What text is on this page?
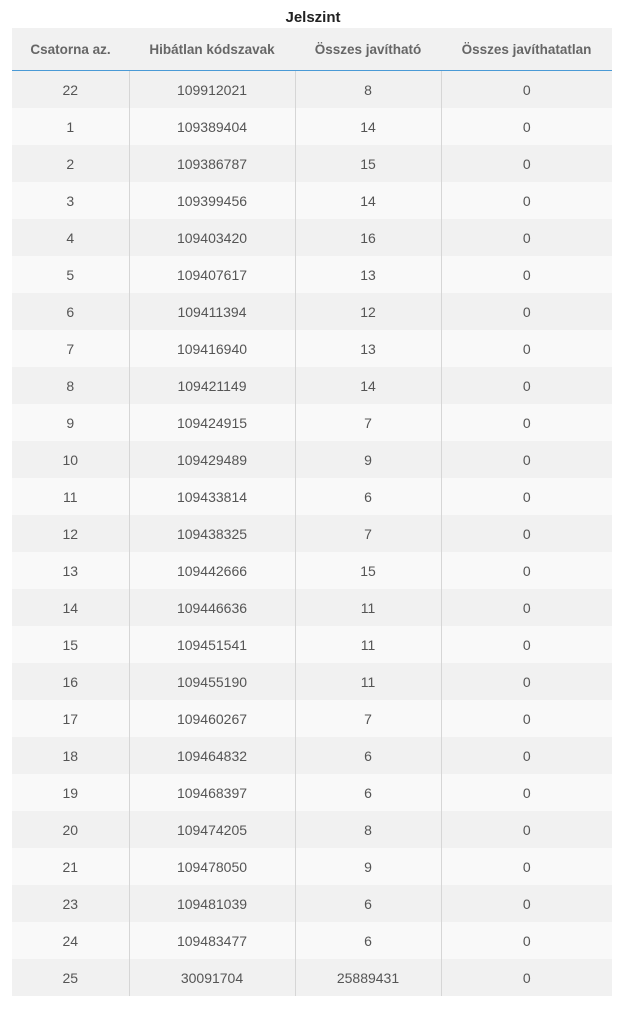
Jelszint
Csatorna az.	Hibátlan kódszavak	Összes javítható	Összes javíthatatlan
22	109912021	8	0
1	109389404	14	0
2	109386787	15	0
3	109399456	14	0
4	109403420	16	0
5	109407617	13	0
6	109411394	12	0
7	109416940	13	0
8	109421149	14	0
9	109424915	7	0
10	109429489	9	0
11	109433814	6	0
12	109438325	7	0
13	109442666	15	0
14	109446636	11	0
15	109451541	11	0
16	109455190	11	0
17	109460267	7	0
18	109464832	6	0
19	109468397	6	0
20	109474205	8	0
21	109478050	9	0
23	109481039	6	0
24	109483477	6	0
25	30091704	25889431	0
